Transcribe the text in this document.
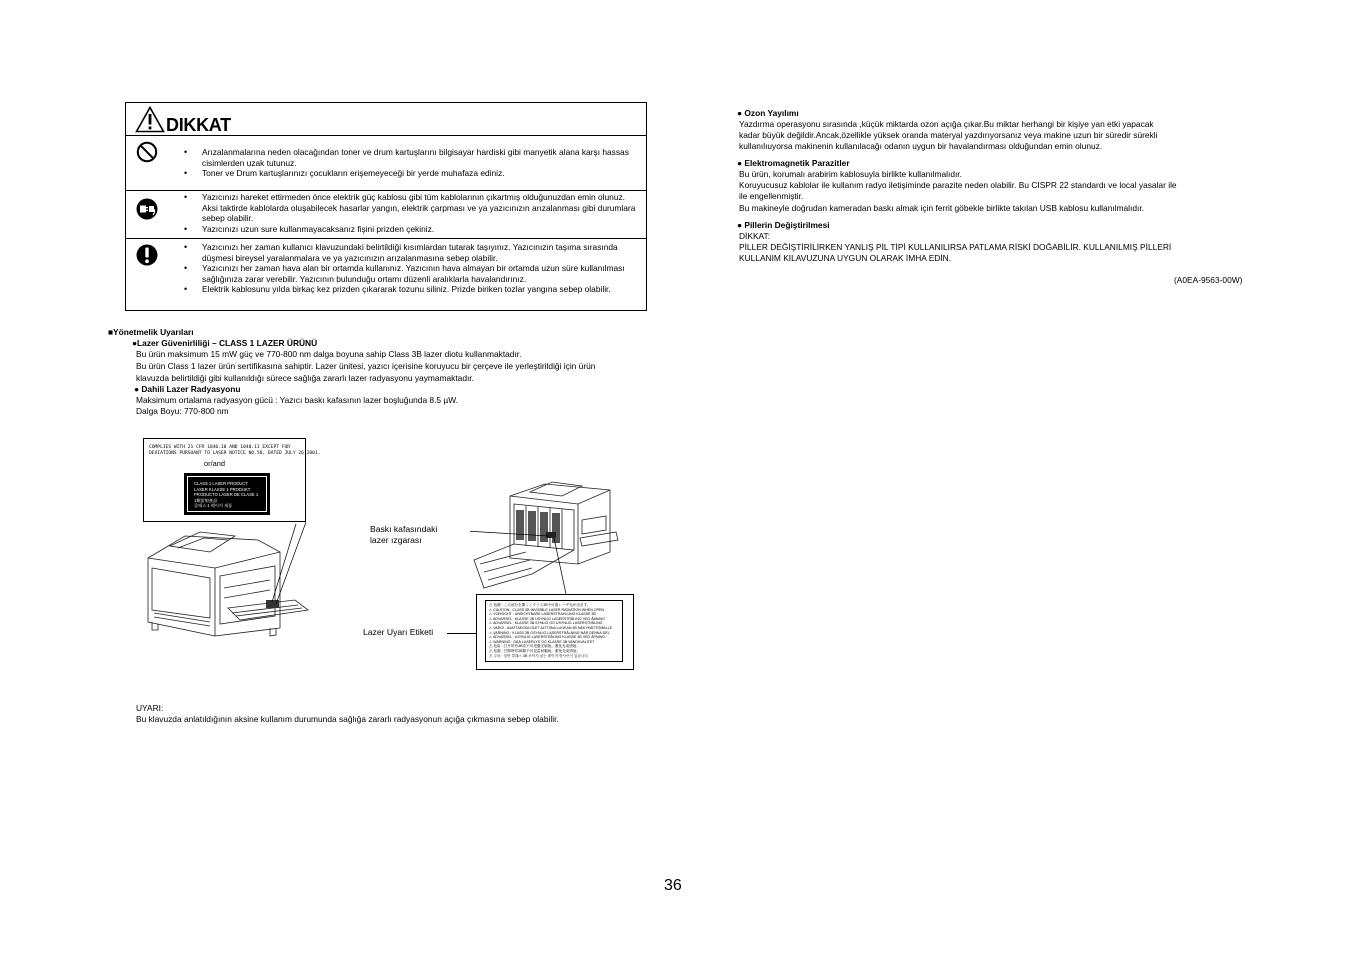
DIKKAT
• Arızalanmalarına neden olacağından toner ve drum kartuşlarını bilgisayar hardiski gibi manyetik alana karşı hassas cisimlerden uzak tutunuz.
• Toner ve Drum kartuşlarınızı çocukların erişemeyeceği bir yerde muhafaza ediniz.
• Yazıcınızı hareket ettirmeden önce elektrik güç kablosu gibi tüm kablolarının çıkartmış olduğunuzdan emin olunuz. Aksi taktirde kablolarda oluşabilecek hasarlar yangın, elektrik çarpması ve ya yazıcınızın arızalanması gibi durumlara sebep olabilir.
• Yazıcınızı uzun sure kullanmayacaksanız fişini prizden çekiniz.
• Yazıcınızı her zaman kullanıcı klavuzundaki belirtildiği kısımlardan tutarak taşıyınız. Yazıcınızın taşıma sırasında düşmesi bireysel yaralanmalara ve ya yazıcınızın arızalanmasına sebep olabilir.
• Yazıcınızı her zaman hava alan bir ortamda kullanınız. Yazıcının hava almayan bir ortamda uzun süre kullanılması sağlığınıza zarar verebilir. Yazıcının bulunduğu ortamı düzenli aralıklarla havalandırınız.
• Elektrik kablosunu yılda birkaç kez prizden çıkararak tozunu siliniz. Prizde biriken tozlar yangına sebep olabilir.
■Yönetmelik Uyarıları
●Lazer Güvenirliliği – CLASS 1 LAZER ÜRÜNÜ
Bu ürün maksimum 15 mW güç ve 770-800 nm dalga boyuna sahip Class 3B lazer diotu kullanmaktadır.
Bu ürün Class 1 lazer ürün sertifikasına sahiptir. Lazer ünitesi, yazıcı içerisine koruyucu bir çerçeve ile yerleştirildiği için ürün
klavuzda belirtildiği gibi kullanıldığı sürece sağlığa zararlı lazer radyasyonu yaymamaktadır.
● Dahili Lazer Radyasyonu
Maksimum ortalama radyasyon gücü : Yazıcı baskı kafasının lazer boşluğunda 8.5 µW.
Dalga Boyu: 770-800 nm
COMPLIES WITH 21 CFR 1040.10 AND 1040.11 EXCEPT FOR
DEVIATIONS PURSUANT TO LASER NOTICE NO.50, DATED JULY 26,2001.
or/and
CLASS 1 LASER PRODUCT
LASER KLASSE 1 PRODUKT
PRODUCTO LASER DE CLASE 1
1類雷射產品
클래스 1 레이저 제품
Baskı kafasındaki
lazer ızgarası
Lazer Uyarı Etiketi
⚠ 危険 : この部分を開くとクラス3B不可視レーザ光が出ます。
⚠ CAUTION : CLASS 3B INVISIBLE LASER RADIATION WHEN OPEN.
⚠ VORSICHT : UNSICHTBARE LASERSTRAHLUNG KLASSE 3B
⚠ ADVARSEL : KLASSE 3B USYNLIG LASERSTRÅLING VED ÅBNING
⚠ ADVARSEL : KLASSE 3B SYNLIG OG USYNLIG LASERSTRÅLING
⚠ VARO! : AVATTAESSA OLET ALTTIINA LUOKAN 3B NÄKYMÄTTÖMÄLLE
⚠ VARNING : KLASS 3B OSYNLIG LASERSTRÅLNING NÄR DENNA DEL
⚠ ADVARSEL : USYNLIG LASERSTRÅLING KLASSE 3B VED ÅPNING
⚠ WARNING : DÄÄ LASERLYS OG KLASSE 3B VANDKVALITET
⚠ 危险 : 打开时有3B类不可见激光辐射。避免光束照射。
⚠ 危險 : 打開時有3B類不可見雷射輻射。避免光束照射。
⚠ 주의 : 열면 클래스 3B 보이지 않는 레이저 방사선이 있습니다.
UYARI:
Bu klavuzda anlatıldığının aksine kullanım durumunda sağlığa zararlı radyasyonun açığa çıkmasına sebep olabilir.
● Ozon Yayılımı
Yazdırma operasyonu sırasında ,küçük miktarda ozon açığa çıkar.Bu miktar herhangi bir kişiye yan etki yapacak
kadar büyük değildir.Ancak,özellikle yüksek oranda materyal yazdırıyorsanız veya makine uzun bir süredir sürekli
kullanılıuyorsa makinenin kullanılacağı odanın uygun bir havalandırması olduğundan emin olunuz.
● Elektromagnetik Parazitler
Bu ürün, korumalı arabirim kablosuyla birlikte kullanılmalıdır.
Koruyucusuz kablolar ile kullanım radyo iletişiminde parazite neden olabilir. Bu CISPR 22 standardı ve local yasalar ile
ile engellenmiştir.
Bu makineyle doğrudan kameradan baskı almak için ferrit göbekle birlikte takılan USB kablosu kullanılmalıdır.
● Pillerin Değiştirilmesi
DİKKAT:
PİLLER DEĞİŞTİRİLİRKEN YANLIŞ PİL TİPİ KULLANILIRSA PATLAMA RİSKİ DOĞABİLİR. KULLANILMIŞ PİLLERİ
KULLANIM KILAVUZUNA UYGUN OLARAK İMHA EDİN.
(A0EA-9563-00W)
36
